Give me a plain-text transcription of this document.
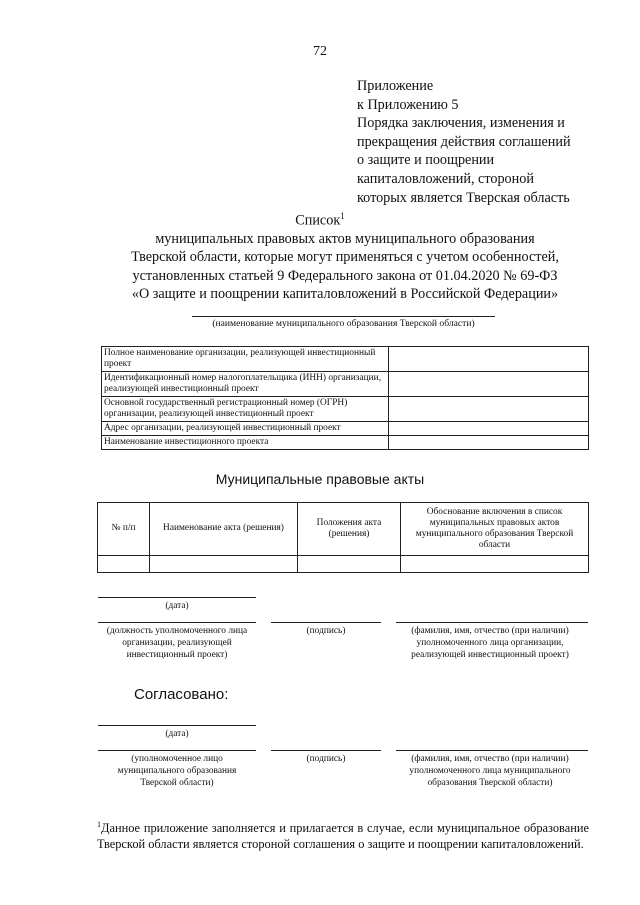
72
Приложение
к Приложению 5
Порядка заключения, изменения и
прекращения действия соглашений
о защите и поощрении
капиталовложений, стороной
которых является Тверская область
Список$^1$
муниципальных правовых актов муниципального образования
Тверской области, которые могут применяться с учетом особенностей,
установленных статьей 9 Федерального закона от 01.04.2020 № 69-ФЗ
«О защите и поощрении капиталовложений в Российской Федерации»
(наименование муниципального образования Тверской области)
Полное наименование организации, реализующей инвестиционный проект	
Идентификационный номер налогоплательщика (ИНН) организации, реализующей инвестиционный проект	
Основной государственный регистрационный номер (ОГРН) организации, реализующей инвестиционный проект	
Адрес организации, реализующей инвестиционный проект	
Наименование инвестиционного проекта	
Муниципальные правовые акты
№ п/п	Наименование акта (решения)	Положения акта (решения)	Обоснование включения в список муниципальных правовых актов муниципального образования Тверской области

(дата)
(должность уполномоченного лица организации, реализующей инвестиционный проект)
(подпись)	(фамилия, имя, отчество (при наличии) уполномоченного лица организации, реализующей инвестиционный проект)
Согласовано:
(дата)
(уполномоченное лицо муниципального образования Тверской области)
(подпись)	(фамилия, имя, отчество (при наличии) уполномоченного лица муниципального образования Тверской области)
$^1$Данное приложение заполняется и прилагается в случае, если муниципальное образование Тверской области является стороной соглашения о защите и поощрении капиталовложений.
